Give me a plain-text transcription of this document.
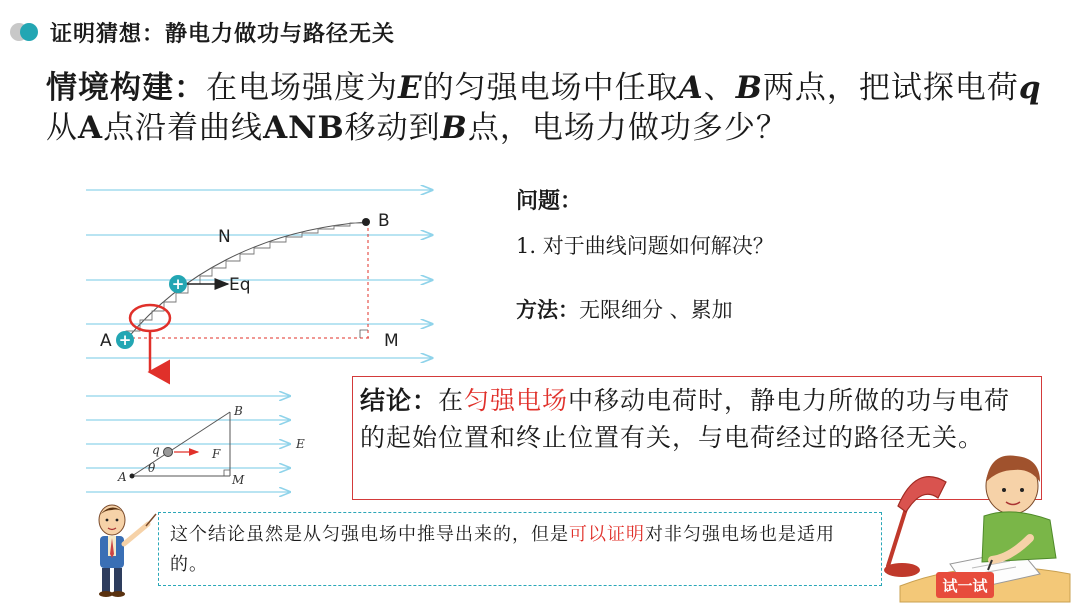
证明猜想：静电力做功与路径无关
情境构建：在电场强度为E的匀强电场中任取A、B两点，把试探电荷q从A点沿着曲线ANB移动到B点，电场力做功多少？
+
+
B
N
Eq
A	M
B
q	F
E
θ
A	M
问题：
1. 对于曲线问题如何解决？
方法：无限细分 、累加
结论：在匀强电场中移动电荷时，静电力所做的功与电荷的起始位置和终止位置有关，与电荷经过的路径无关。
这个结论虽然是从匀强电场中推导出来的，但是可以证明对非匀强电场也是适用的。
试一试
